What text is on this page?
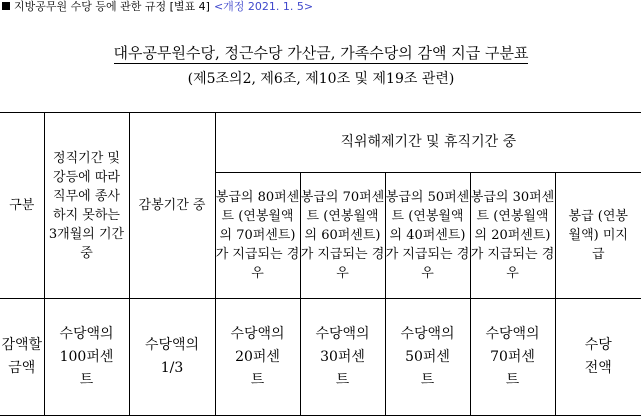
지방공무원 수당 등에 관한 규정 [별표 4] <개정 2021. 1. 5>
대우공무원수당, 정근수당 가산금, 가족수당의 감액 지급 구분표
(제5조의2, 제6조, 제10조 및 제19조 관련)
구분	정직기간 및 강등에 따라 직무에 종사하지 못하는 3개월의 기간중	감봉기간 중	직위해제기간 및 휴직기간 중				
			봉급의 80퍼센트 (연봉월액의 70퍼센트)가 지급되는 경우	봉급의 70퍼센트 (연봉월액의 60퍼센트)가 지급되는 경우	봉급의 50퍼센트 (연봉월액의 40퍼센트)가 지급되는 경우	봉급의 30퍼센트 (연봉월액의 20퍼센트)가 지급되는 경우	봉급 (연봉월액) 미지급
감액할 금액	수당액의 100퍼센트	수당액의 1/3	수당액의 20퍼센트	수당액의 30퍼센트	수당액의 50퍼센트	수당액의 70퍼센트	수당 전액
